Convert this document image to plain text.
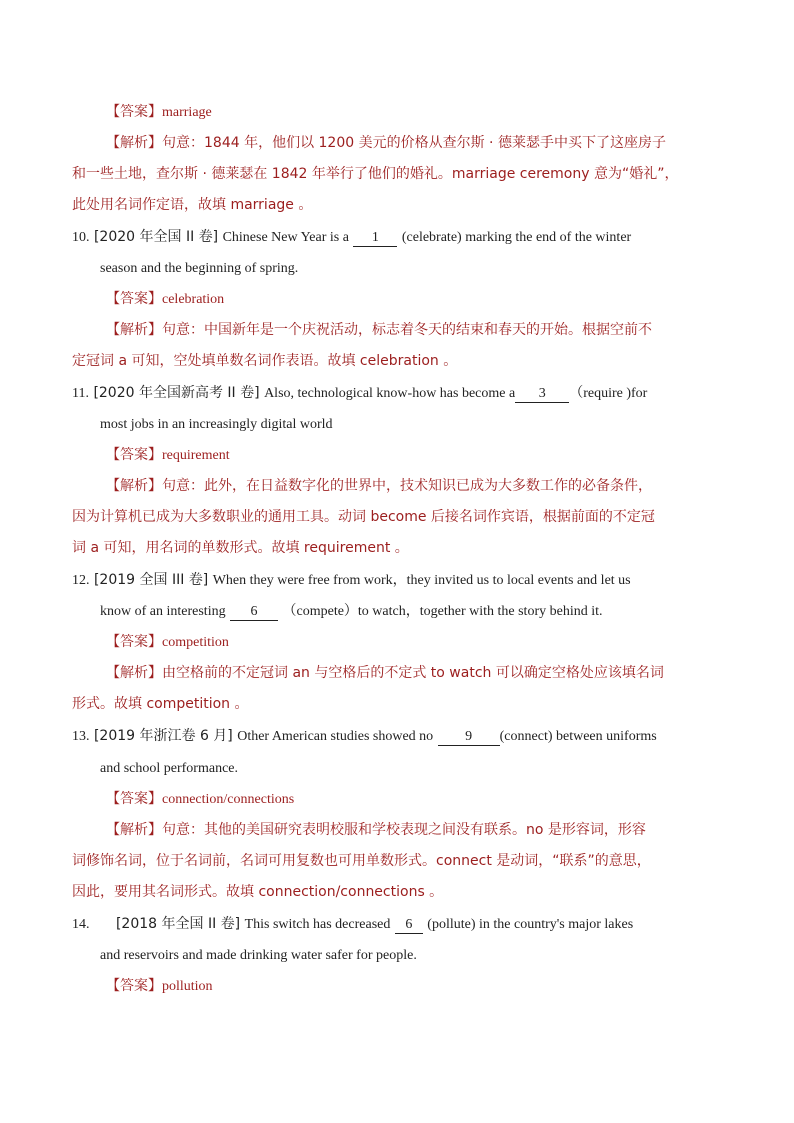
【答案】marriage
【解析】句意：1844 年，他们以 1200 美元的价格从查尔斯 · 德莱瑟手中买下了这座房子
和一些土地，查尔斯 · 德莱瑟在 1842 年举行了他们的婚礼。marriage ceremony 意为“婚礼”，
此处用名词作定语，故填 marriage 。
10. [2020 年全国 II 卷] Chinese New Year is a 1 (celebrate) marking the end of the winter
season and the beginning of spring.
【答案】celebration
【解析】句意：中国新年是一个庆祝活动，标志着冬天的结束和春天的开始。根据空前不
定冠词 a 可知，空处填单数名词作表语。故填 celebration 。
11. [2020 年全国新高考 II 卷] Also, technological know-how has become a 3 （require )for
most jobs in an increasingly digital world
【答案】requirement
【解析】句意：此外，在日益数字化的世界中，技术知识已成为大多数工作的必备条件，
因为计算机已成为大多数职业的通用工具。动词 become 后接名词作宾语，根据前面的不定冠
词 a 可知，用名词的单数形式。故填 requirement 。
12. [2019 全国 III 卷] When they were free from work，they invited us to local events and let us
know of an interesting 6 （compete）to watch，together with the story behind it.
【答案】competition
【解析】由空格前的不定冠词 an 与空格后的不定式 to watch 可以确定空格处应该填名词
形式。故填 competition 。
13. [2019 年浙江卷 6 月] Other American studies showed no 9 (connect) between uniforms
and school performance.
【答案】connection/connections
【解析】句意：其他的美国研究表明校服和学校表现之间没有联系。no 是形容词，形容
词修饰名词，位于名词前，名词可用复数也可用单数形式。connect 是动词，“联系”的意思，
因此，要用其名词形式。故填 connection/connections 。
14. [2018 年全国 II 卷] This switch has decreased 6 (pollute) in the country's major lakes
and reservoirs and made drinking water safer for people.
【答案】pollution
